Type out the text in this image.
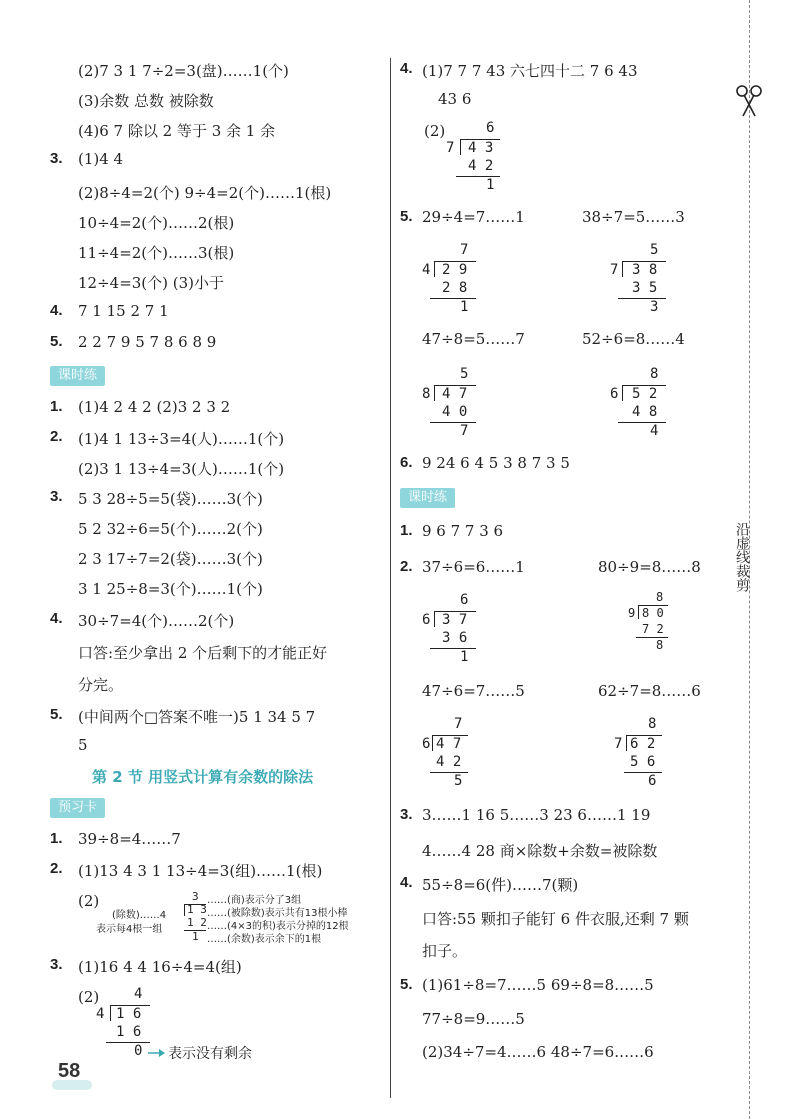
沿虚线裁剪
(2)7 3 1 7÷2=3(盘)……1(个)
(3)余数 总数 被除数
(4)6 7 除以 2 等于 3 余 1 余
3. (1)4 4
(2)8÷4=2(个) 9÷4=2(个)……1(根)
10÷4=2(个)……2(根)
11÷4=2(个)……3(根)
12÷4=3(个) (3)小于
4. 7 1 15 2 7 1
5. 2 2 7 9 5 7 8 6 8 9
课时练
1. (1)4 2 4 2 (2)3 2 3 2
2. (1)4 1 13÷3=4(人)……1(个)
(2)3 1 13÷4=3(人)……1(个)
3. 5 3 28÷5=5(袋)……3(个)
5 2 32÷6=5(个)……2(个)
2 3 17÷7=2(袋)……3(个)
3 1 25÷8=3(个)……1(个)
4. 30÷7=4(个)……2(个)
口答:至少拿出 2 个后剩下的才能正好
分完。
5. (中间两个□答案不唯一)5 1 34 5 7
5
第 2 节 用竖式计算有余数的除法
预习卡
1. 39÷8=4……7
2. (1)13 4 3 1 13÷4=3(组)……1(根)
(2)
(除数)……4
表示每4根一组
3
1 3
1 2
1
……(商)表示分了3组
……(被除数)表示共有13根小棒
……(4×3的积)表示分掉的12根
……(余数)表示余下的1根
3. (1)16 4 4 16÷4=4(组)
(2) 4
4 1 6
1 6
0 表示没有剩余
58
4. (1)7 7 7 43 六七四十二 7 6 43
43 6
(2)	6
7 4 3
4 2
1
5. 29÷4=7……1	38÷7=5……3
7
4 2 9
2 8
1
5
7 3 8
3 5
3
47÷8=5……7	52÷6=8……4
5
8 4 7
4 0
7
8
6 5 2
4 8
4
6. 9 24 6 4 5 3 8 7 3 5
课时练
1. 9 6 7 7 3 6
2. 37÷6=6……1	80÷9=8……8
6
6 3 7
3 6
1
8
9 8 0
7 2
8
47÷6=7……5	62÷7=8……6
7
6 4 7
4 2
5
8
7 6 2
5 6
6
3. 3……1 16 5……3 23 6……1 19
4……4 28 商×除数+余数=被除数
4. 55÷8=6(件)……7(颗)
口答:55 颗扣子能钉 6 件衣服,还剩 7 颗
扣子。
5. (1)61÷8=7……5 69÷8=8……5
77÷8=9……5
(2)34÷7=4……6 48÷7=6……6
